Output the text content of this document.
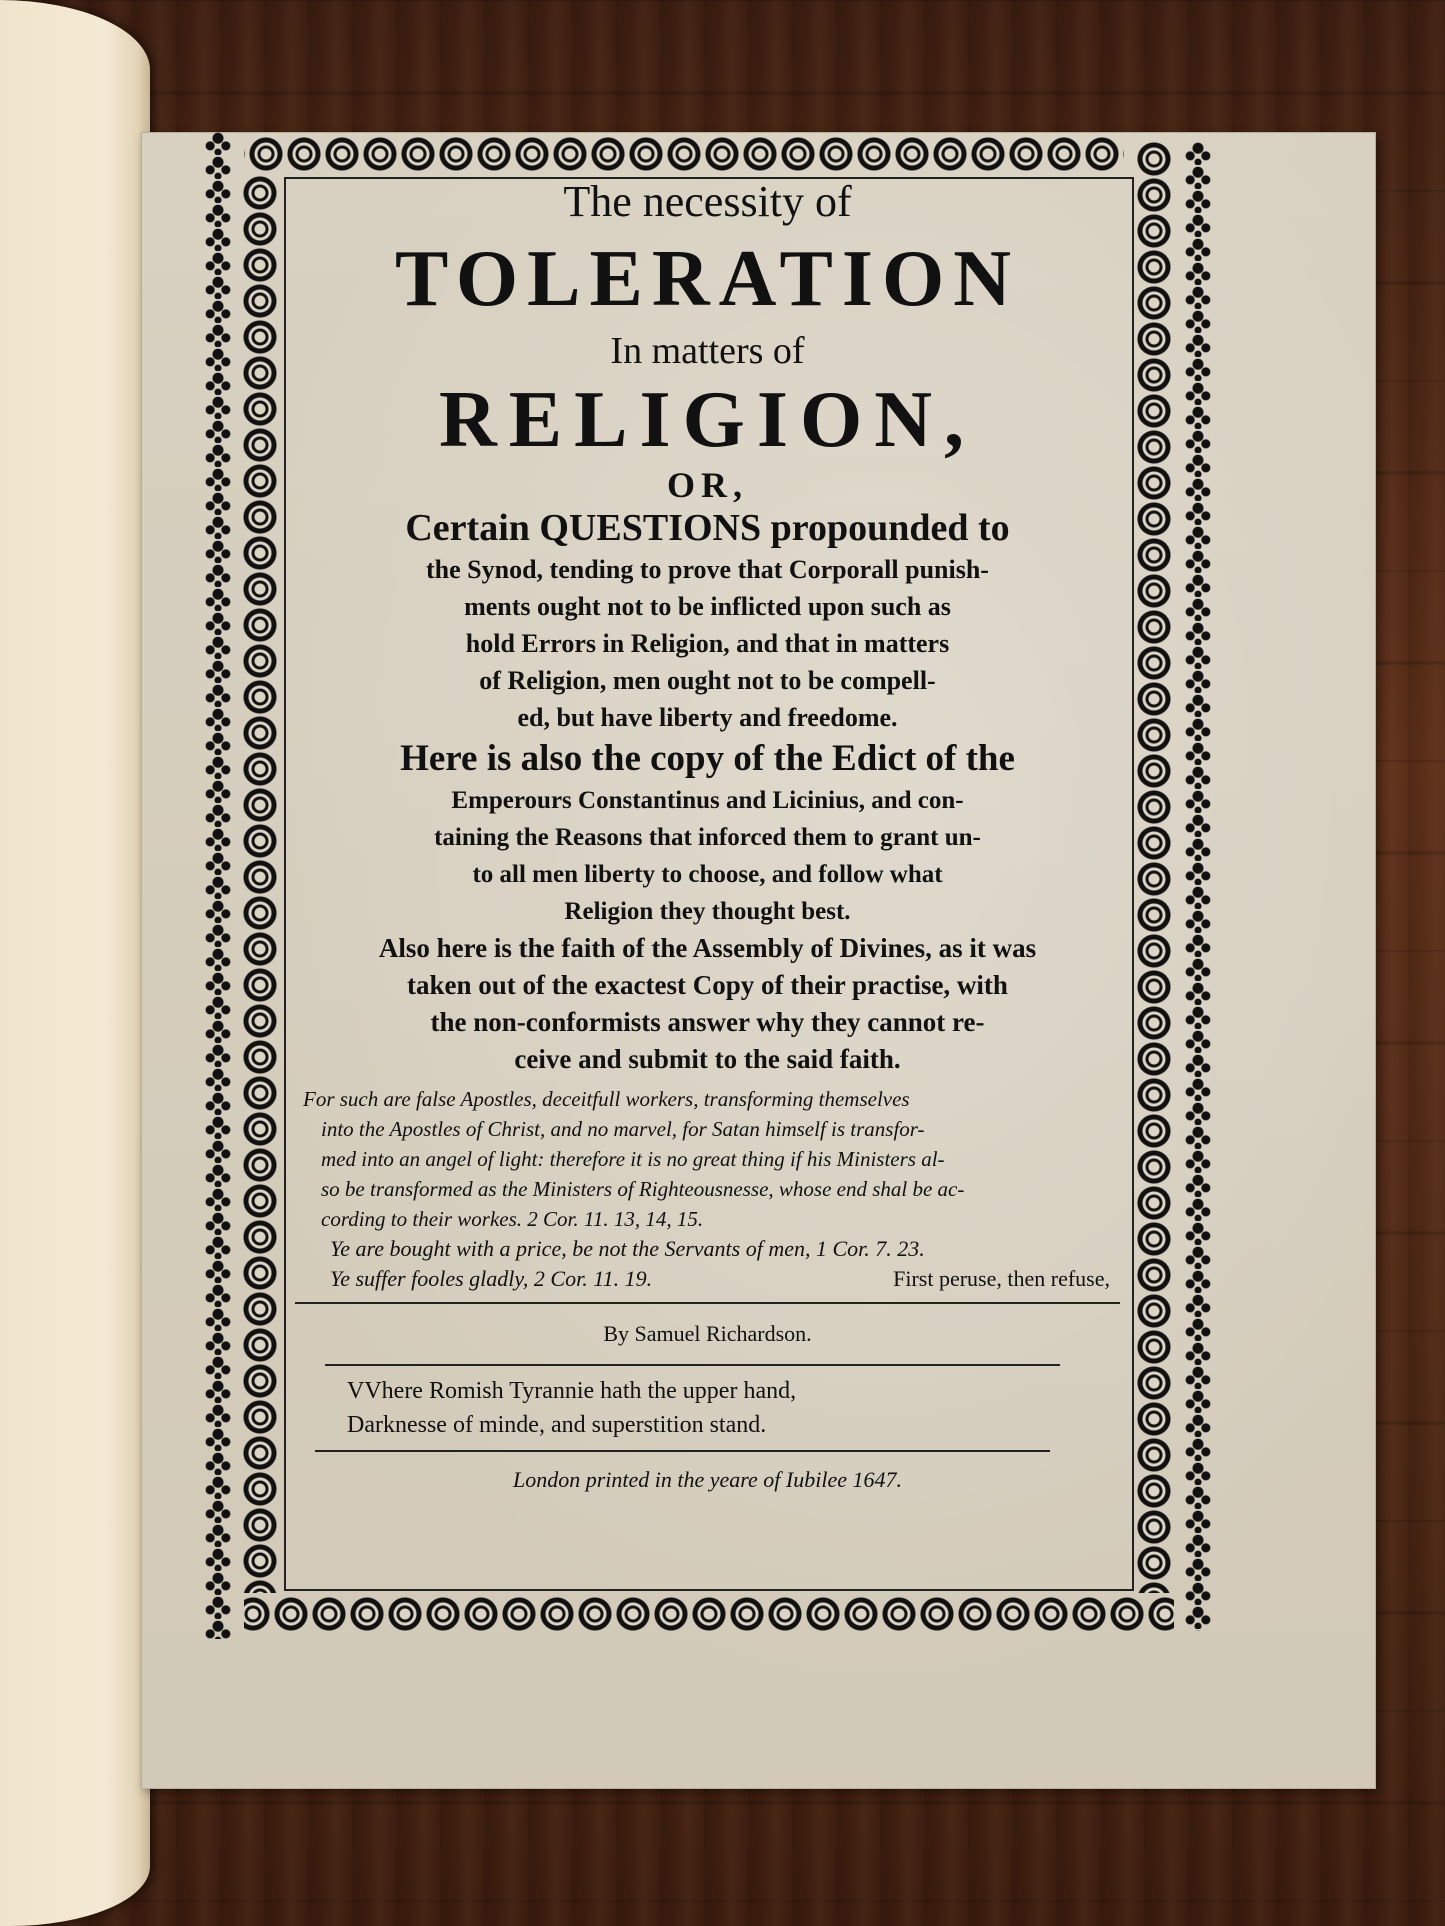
The necessity of
TOLERATION
In matters of
RELIGION,
OR,
Certain QUESTIONS propounded to
the Synod, tending to prove that Corporall punish-
ments ought not to be inflicted upon such as
hold Errors in Religion, and that in matters
of Religion, men ought not to be compell-
ed, but have liberty and freedome.
Here is also the copy of the Edict of the
Emperours Constantinus and Licinius, and con-
taining the Reasons that inforced them to grant un-
to all men liberty to choose, and follow what
Religion they thought best.
Also here is the faith of the Assembly of Divines, as it was
taken out of the exactest Copy of their practise, with
the non-conformists answer why they cannot re-
ceive and submit to the said faith.
For such are false Apostles, deceitfull workers, transforming themselves
into the Apostles of Christ, and no marvel, for Satan himself is transfor-
med into an angel of light: therefore it is no great thing if his Ministers al-
so be transformed as the Ministers of Righteousnesse, whose end shal be ac-
cording to their workes. 2 Cor. 11. 13, 14, 15.
Ye are bought with a price, be not the Servants of men, 1 Cor. 7. 23.
Ye suffer fooles gladly, 2 Cor. 11. 19.	First peruse, then refuse,
By Samuel Richardson.
VVhere Romish Tyrannie hath the upper hand,
Darknesse of minde, and superstition stand.
London printed in the yeare of Iubilee 1647.
